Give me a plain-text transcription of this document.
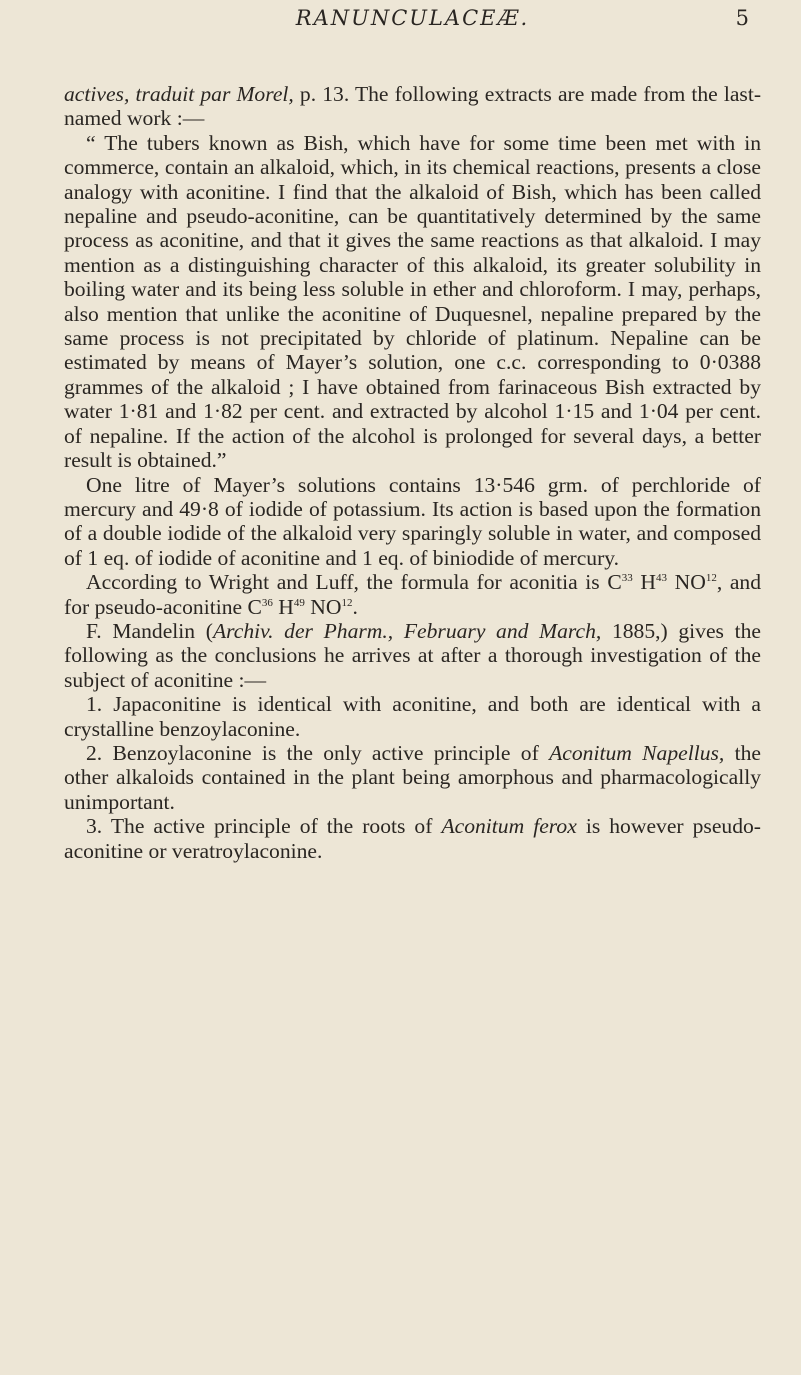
RANUNCULACEÆ.	5

actives, traduit par Morel, p. 13. The following extracts are made from the last-named work :—

“ The tubers known as Bish, which have for some time been met with in commerce, contain an alkaloid, which, in its chemical reactions, presents a close analogy with aconitine. I find that the alkaloid of Bish, which has been called nepaline and pseudo-aconitine, can be quantitatively determined by the same process as aconitine, and that it gives the same reactions as that alkaloid. I may mention as a distinguishing character of this alkaloid, its greater solubility in boiling water and its being less soluble in ether and chloroform. I may, perhaps, also mention that unlike the aconitine of Duquesnel, nepaline prepared by the same process is not precipitated by chloride of platinum. Nepaline can be estimated by means of Mayer’s solution, one c.c. corresponding to 0·0388 grammes of the alkaloid ; I have obtained from farinaceous Bish extracted by water 1·81 and 1·82 per cent. and extracted by alcohol 1·15 and 1·04 per cent. of nepaline. If the action of the alcohol is prolonged for several days, a better result is obtained.”

One litre of Mayer’s solutions contains 13·546 grm. of perchloride of mercury and 49·8 of iodide of potassium. Its action is based upon the formation of a double iodide of the alkaloid very sparingly soluble in water, and composed of 1 eq. of iodide of aconitine and 1 eq. of biniodide of mercury.

According to Wright and Luff, the formula for aconitia is $C^{33}$ $H^{43}$ NO$^{12}$, and for pseudo-aconitine $C^{36}$ $H^{49}$ NO$^{12}$.

F. Mandelin (Archiv. der Pharm., February and March, 1885,) gives the following as the conclusions he arrives at after a thorough investigation of the subject of aconitine :—

1. Japaconitine is identical with aconitine, and both are identical with a crystalline benzoylaconine.

2. Benzoylaconine is the only active principle of Aconitum Napellus, the other alkaloids contained in the plant being amorphous and pharmacologically unimportant.

3. The active principle of the roots of Aconitum ferox is however pseudo-aconitine or veratroylaconine.
